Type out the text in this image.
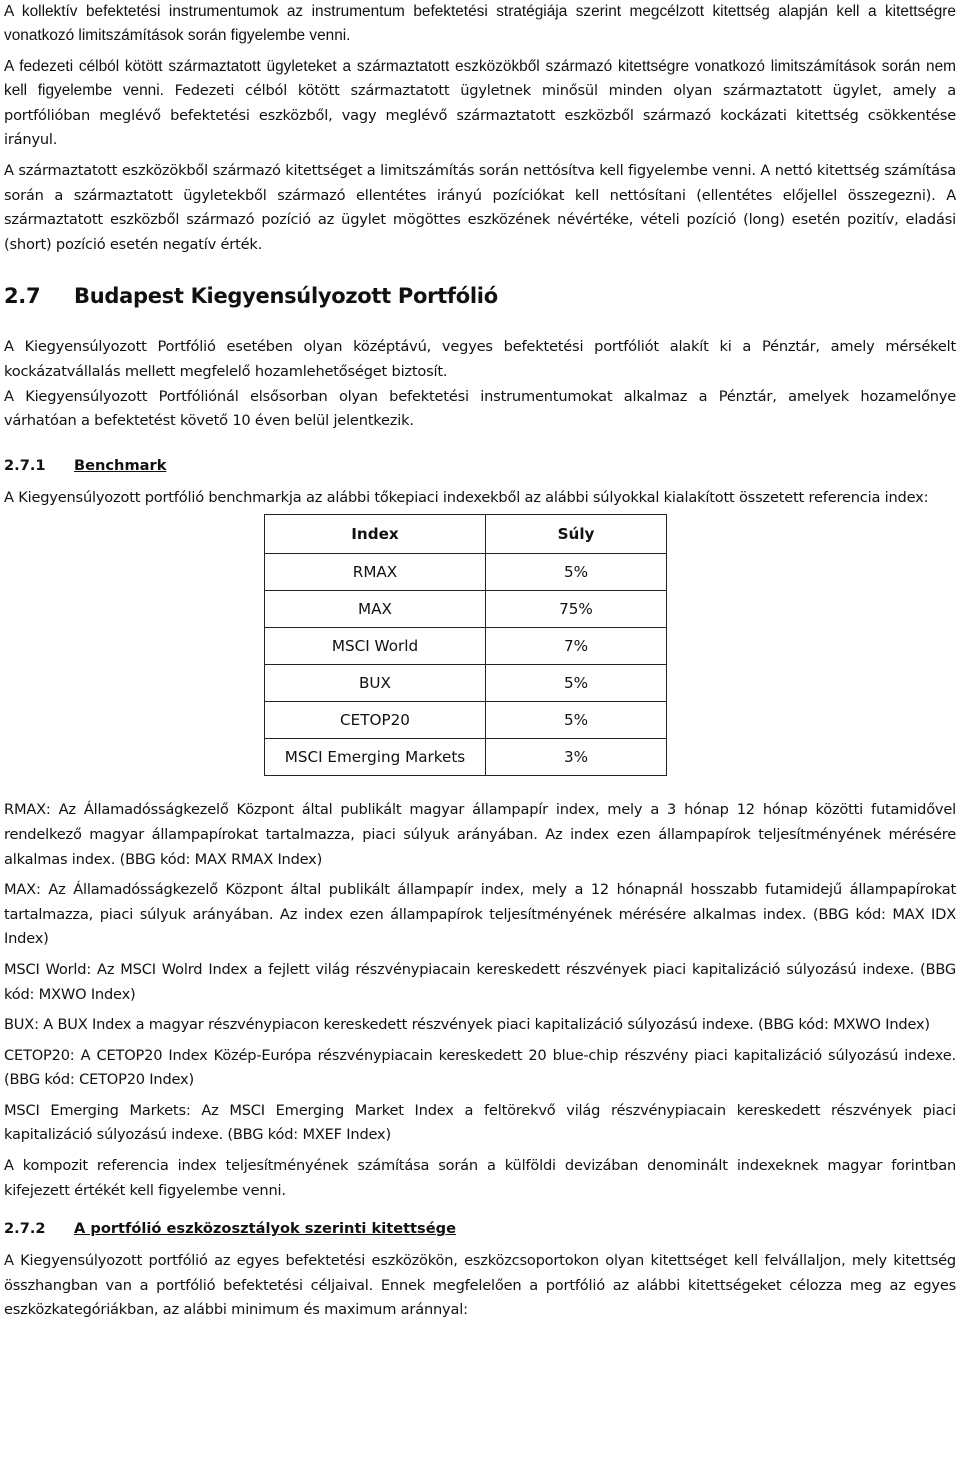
A kollektív befektetési instrumentumok az instrumentum befektetési stratégiája szerint megcélzott kitettség alapján kell a kitettségre vonatkozó limitszámítások során figyelembe venni.

A fedezeti célból kötött származtatott ügyleteket a származtatott eszközökből származó kitettségre vonatkozó limitszámítások során nem kell figyelembe venni. Fedezeti célból kötött származtatott ügyletnek minősül minden olyan származtatott ügylet, amely a portfólióban meglévő befektetési eszközből, vagy meglévő származtatott eszközből származó kockázati kitettség csökkentése irányul.

A származtatott eszközökből származó kitettséget a limitszámítás során nettósítva kell figyelembe venni. A nettó kitettség számítása során a származtatott ügyletekből származó ellentétes irányú pozíciókat kell nettósítani (ellentétes előjellel összegezni). A származtatott eszközből származó pozíció az ügylet mögöttes eszközének névértéke, vételi pozíció (long) esetén pozitív, eladási (short) pozíció esetén negatív érték.

2.7	Budapest Kiegyensúlyozott Portfólió

A Kiegyensúlyozott Portfólió esetében olyan középtávú, vegyes befektetési portfóliót alakít ki a Pénztár, amely mérsékelt kockázatvállalás mellett megfelelő hozamlehetőséget biztosít.

A Kiegyensúlyozott Portfóliónál elsősorban olyan befektetési instrumentumokat alkalmaz a Pénztár, amelyek hozamelőnye várhatóan a befektetést követő 10 éven belül jelentkezik.

2.7.1	Benchmark

A Kiegyensúlyozott portfólió benchmarkja az alábbi tőkepiaci indexekből az alábbi súlyokkal kialakított összetett referencia index:

Index	Súly
RMAX	5%
MAX	75%
MSCI World	7%
BUX	5%
CETOP20	5%
MSCI Emerging Markets	3%

RMAX: Az Államadósságkezelő Központ által publikált magyar állampapír index, mely a 3 hónap 12 hónap közötti futamidővel rendelkező magyar állampapírokat tartalmazza, piaci súlyuk arányában. Az index ezen állampapírok teljesítményének mérésére alkalmas index. (BBG kód: MAX RMAX Index)

MAX: Az Államadósságkezelő Központ által publikált állampapír index, mely a 12 hónapnál hosszabb futamidejű állampapírokat tartalmazza, piaci súlyuk arányában. Az index ezen állampapírok teljesítményének mérésére alkalmas index. (BBG kód: MAX IDX Index)

MSCI World: Az MSCI Wolrd Index a fejlett világ részvénypiacain kereskedett részvények piaci kapitalizáció súlyozású indexe. (BBG kód: MXWO Index)

BUX: A BUX Index a magyar részvénypiacon kereskedett részvények piaci kapitalizáció súlyozású indexe. (BBG kód: MXWO Index)

CETOP20: A CETOP20 Index Közép-Európa részvénypiacain kereskedett 20 blue-chip részvény piaci kapitalizáció súlyozású indexe. (BBG kód: CETOP20 Index)

MSCI Emerging Markets: Az MSCI Emerging Market Index a feltörekvő világ részvénypiacain kereskedett részvények piaci kapitalizáció súlyozású indexe. (BBG kód: MXEF Index)

A kompozit referencia index teljesítményének számítása során a külföldi devizában denominált indexeknek magyar forintban kifejezett értékét kell figyelembe venni.

2.7.2	A portfólió eszközosztályok szerinti kitettsége

A Kiegyensúlyozott portfólió az egyes befektetési eszközökön, eszközcsoportokon olyan kitettséget kell felvállaljon, mely kitettség összhangban van a portfólió befektetési céljaival. Ennek megfelelően a portfólió az alábbi kitettségeket célozza meg az egyes eszközkategóriákban, az alábbi minimum és maximum aránnyal:
